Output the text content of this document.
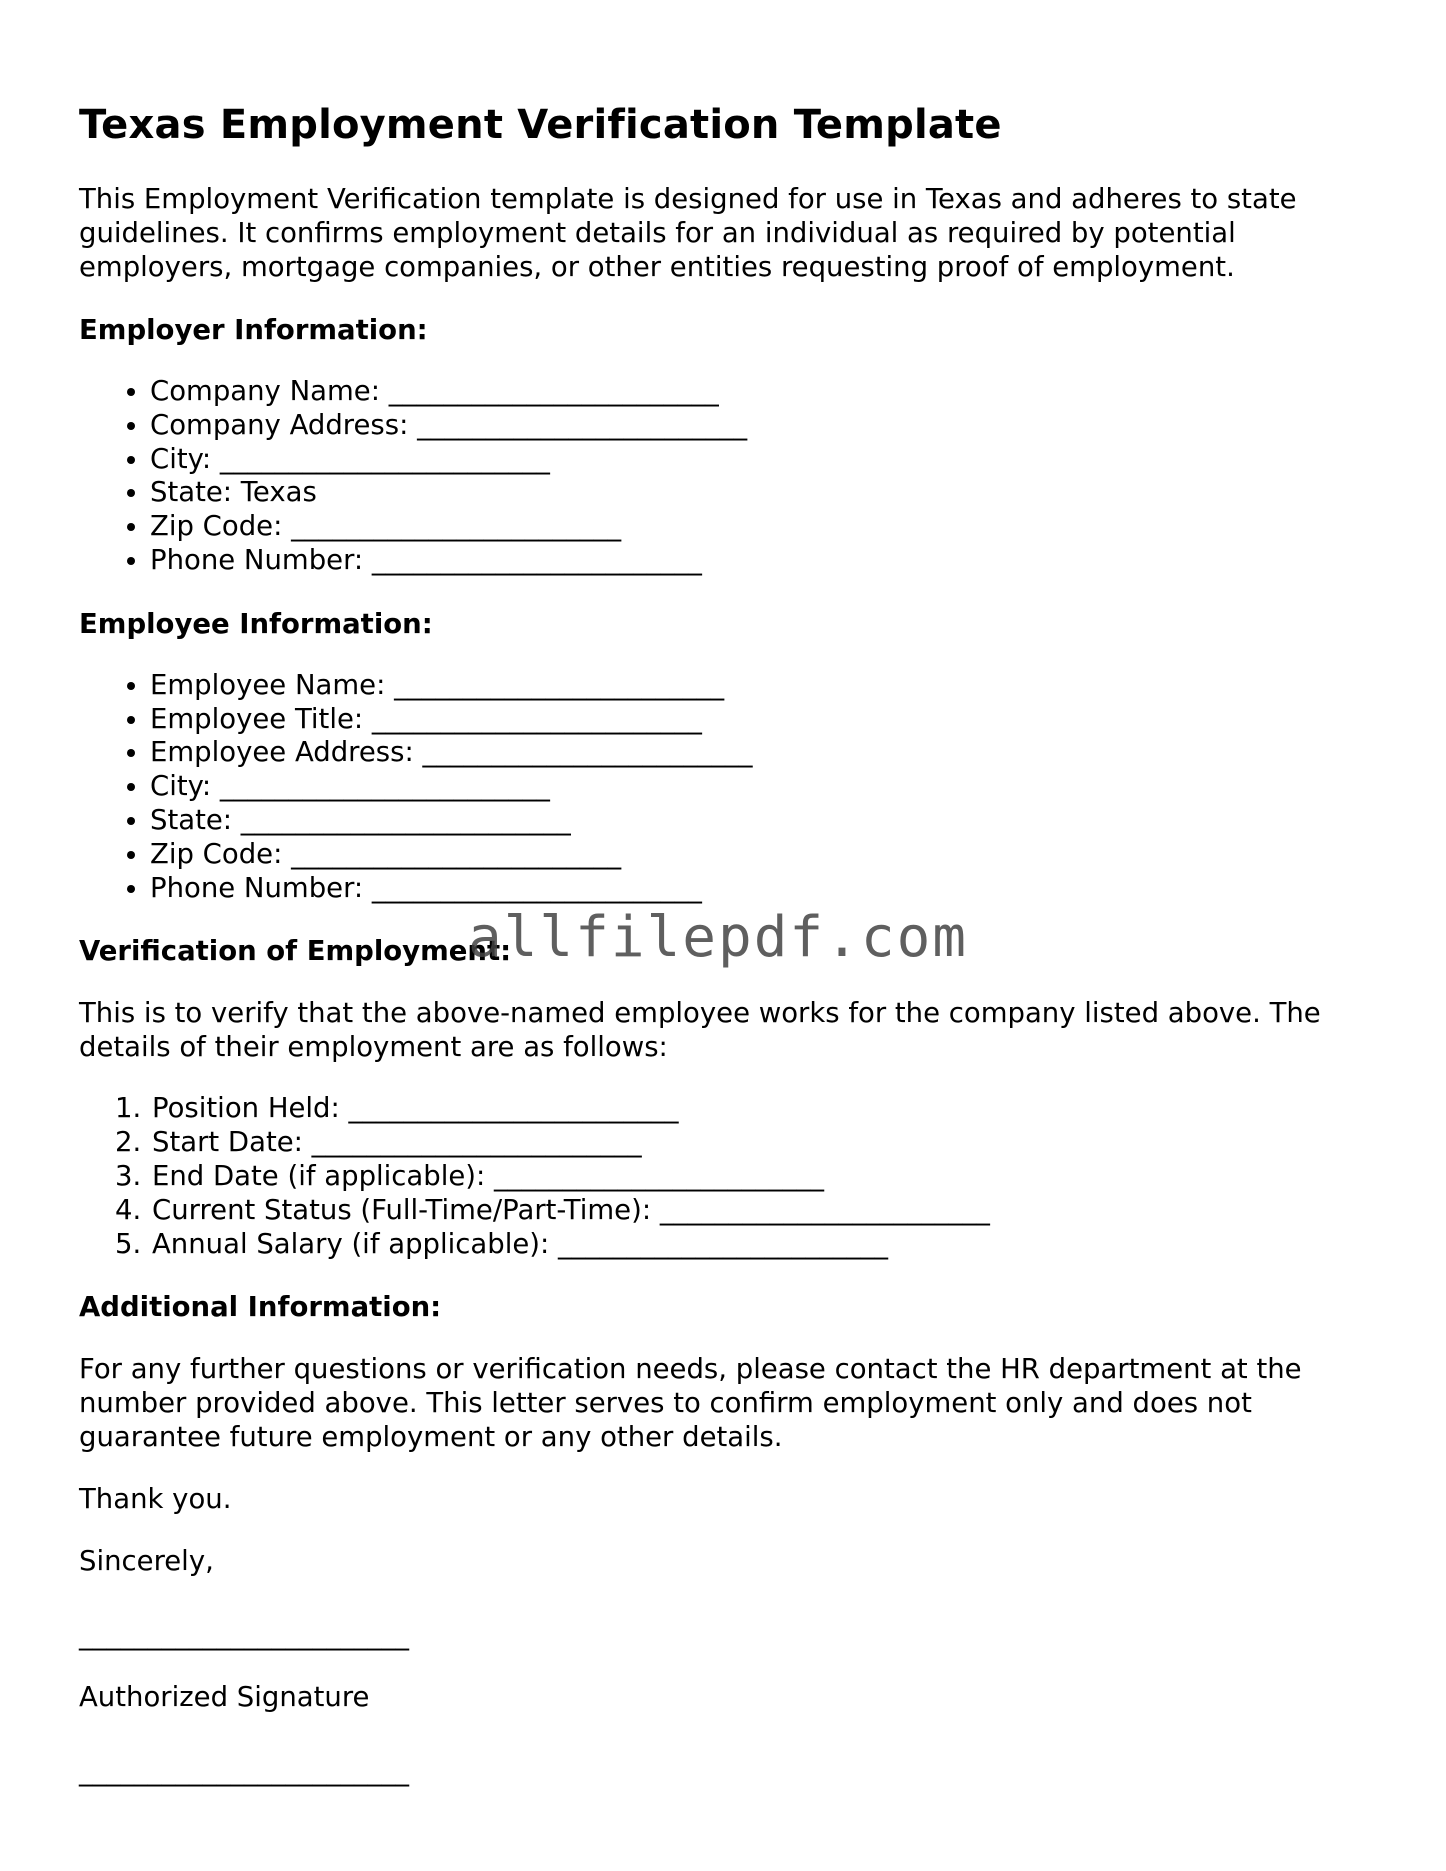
Texas Employment Verification Template

This Employment Verification template is designed for use in Texas and adheres to state guidelines. It confirms employment details for an individual as required by potential employers, mortgage companies, or other entities requesting proof of employment.

Employer Information:
• Company Name: ________________________
• Company Address: ________________________
• City: ________________________
• State: Texas
• Zip Code: ________________________
• Phone Number: ________________________
Employee Information:
• Employee Name: ________________________
• Employee Title: ________________________
• Employee Address: ________________________
• City: ________________________
• State: ________________________
• Zip Code: ________________________
• Phone Number: ________________________
Verification of Employment:

This is to verify that the above-named employee works for the company listed above. The details of their employment are as follows:

1. Position Held: ________________________
2. Start Date: ________________________
3. End Date (if applicable): ________________________
4. Current Status (Full-Time/Part-Time): ________________________
5. Annual Salary (if applicable): ________________________
Additional Information:

For any further questions or verification needs, please contact the HR department at the number provided above. This letter serves to confirm employment only and does not guarantee future employment or any other details.

Thank you.

Sincerely,

________________________

Authorized Signature

________________________

allfilepdf.com
